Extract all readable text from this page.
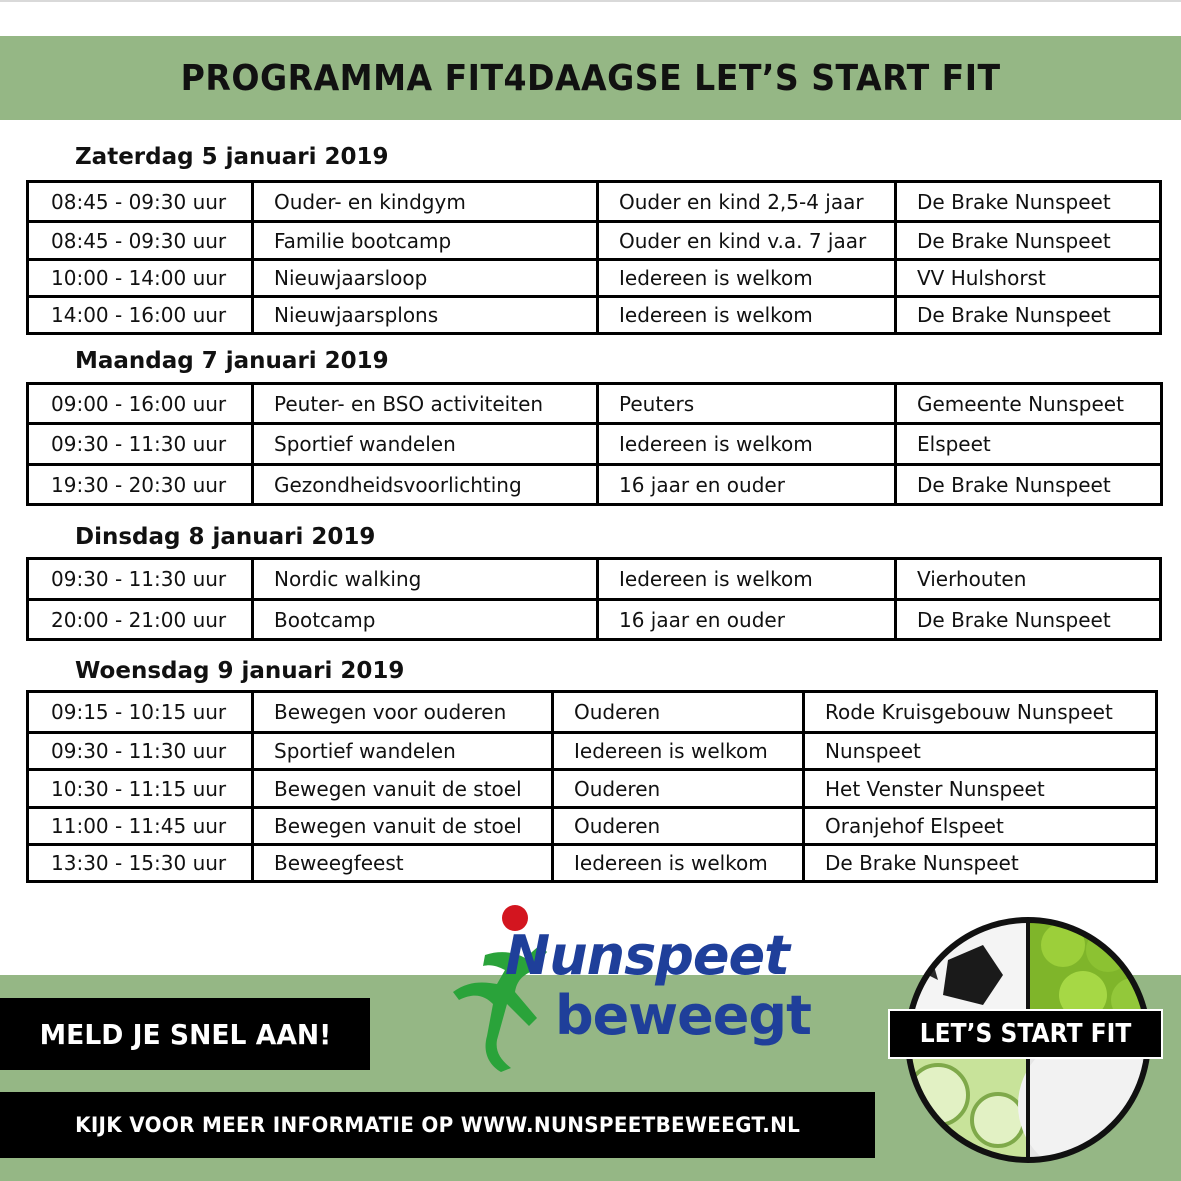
PROGRAMMA FIT4DAAGSE LET’S START FIT
Zaterdag 5 januari 2019
08:45 - 09:30 uur	Ouder- en kindgym	Ouder en kind 2,5-4 jaar	De Brake Nunspeet
08:45 - 09:30 uur	Familie bootcamp	Ouder en kind v.a. 7 jaar	De Brake Nunspeet
10:00 - 14:00 uur	Nieuwjaarsloop	Iedereen is welkom	VV Hulshorst
14:00 - 16:00 uur	Nieuwjaarsplons	Iedereen is welkom	De Brake Nunspeet
Maandag 7 januari 2019
09:00 - 16:00 uur	Peuter- en BSO activiteiten	Peuters	Gemeente Nunspeet
09:30 - 11:30 uur	Sportief wandelen	Iedereen is welkom	Elspeet
19:30 - 20:30 uur	Gezondheidsvoorlichting	16 jaar en ouder	De Brake Nunspeet
Dinsdag 8 januari 2019
09:30 - 11:30 uur	Nordic walking	Iedereen is welkom	Vierhouten
20:00 - 21:00 uur	Bootcamp	16 jaar en ouder	De Brake Nunspeet
Woensdag 9 januari 2019
09:15 - 10:15 uur	Bewegen voor ouderen	Ouderen	Rode Kruisgebouw Nunspeet
09:30 - 11:30 uur	Sportief wandelen	Iedereen is welkom	Nunspeet
10:30 - 11:15 uur	Bewegen vanuit de stoel	Ouderen	Het Venster Nunspeet
11:00 - 11:45 uur	Bewegen vanuit de stoel	Ouderen	Oranjehof Elspeet
13:30 - 15:30 uur	Beweegfeest	Iedereen is welkom	De Brake Nunspeet
MELD JE SNEL AAN!
KIJK VOOR MEER INFORMATIE OP WWW.NUNSPEETBEWEEGT.NL
Nunspeet
beweegt	LET’S START FIT
